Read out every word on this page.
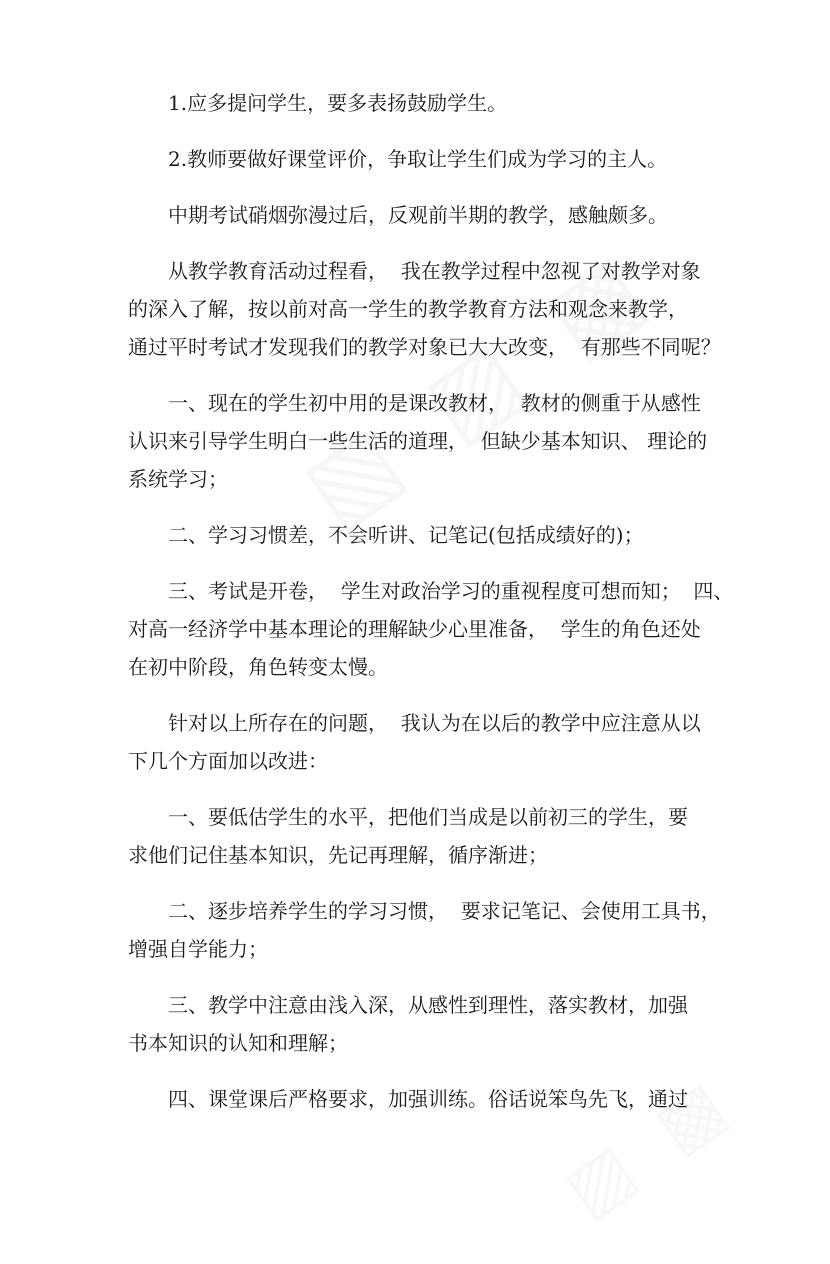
1.应多提问学生，要多表扬鼓励学生。
2.教师要做好课堂评价，争取让学生们成为学习的主人。
中期考试硝烟弥漫过后，反观前半期的教学，感触颇多。
从教学教育活动过程看，  我在教学过程中忽视了对教学对象
的深入了解，按以前对高一学生的教学教育方法和观念来教学，
通过平时考试才发现我们的教学对象已大大改变，  有那些不同呢？
一、现在的学生初中用的是课改教材，  教材的侧重于从感性
认识来引导学生明白一些生活的道理，  但缺少基本知识、 理论的
系统学习；
二、学习习惯差，不会听讲、记笔记(包括成绩好的)；
三、考试是开卷，  学生对政治学习的重视程度可想而知；  四、
对高一经济学中基本理论的理解缺少心里准备，  学生的角色还处
在初中阶段，角色转变太慢。
针对以上所存在的问题，  我认为在以后的教学中应注意从以
下几个方面加以改进：
一、要低估学生的水平，把他们当成是以前初三的学生，要
求他们记住基本知识，先记再理解，循序渐进；
二、逐步培养学生的学习习惯，  要求记笔记、会使用工具书，
增强自学能力；
三、教学中注意由浅入深，从感性到理性，落实教材，加强
书本知识的认知和理解；
四、课堂课后严格要求，加强训练。俗话说笨鸟先飞，通过
